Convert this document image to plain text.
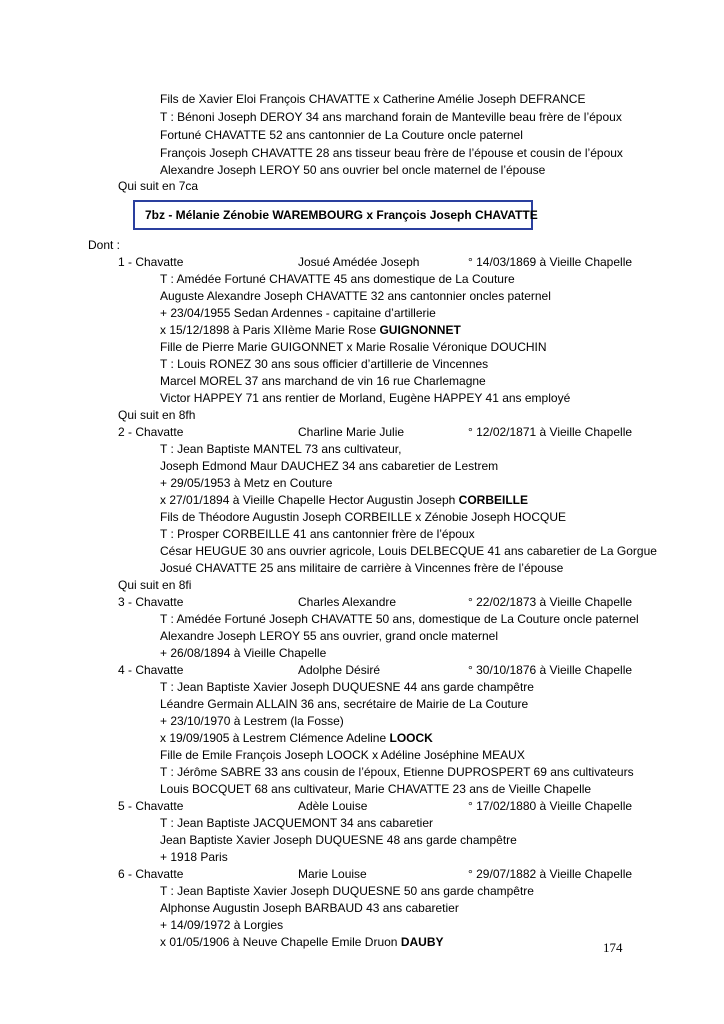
Fils de Xavier Eloi François CHAVATTE x Catherine Amélie Joseph DEFRANCE
T : Bénoni Joseph DEROY 34 ans marchand forain de Manteville beau frère de l’époux
Fortuné CHAVATTE 52 ans cantonnier de La Couture oncle paternel
François Joseph CHAVATTE 28 ans tisseur beau frère de l’épouse et cousin de l’époux
Alexandre Joseph LEROY 50 ans ouvrier bel oncle maternel de l’épouse
Qui suit en 7ca
7bz - Mélanie Zénobie WAREMBOURG x François Joseph CHAVATTE
Dont :
1 - Chavatte	Josué Amédée Joseph	° 14/03/1869 à Vieille Chapelle
T : Amédée Fortuné CHAVATTE 45 ans domestique de La Couture
Auguste Alexandre Joseph CHAVATTE 32 ans cantonnier oncles paternel
+ 23/04/1955 Sedan Ardennes - capitaine d’artillerie
x 15/12/1898 à Paris XIIème Marie Rose GUIGNONNET
Fille de Pierre Marie GUIGONNET x Marie Rosalie Véronique DOUCHIN
T : Louis RONEZ 30 ans sous officier d’artillerie de Vincennes
Marcel MOREL 37 ans marchand de vin 16 rue Charlemagne
Victor HAPPEY 71 ans rentier de Morland, Eugène HAPPEY 41 ans employé
Qui suit en 8fh
2 - Chavatte	Charline Marie Julie	° 12/02/1871 à Vieille Chapelle
T : Jean Baptiste MANTEL 73 ans cultivateur,
Joseph Edmond Maur DAUCHEZ 34 ans cabaretier de Lestrem
+ 29/05/1953 à Metz en Couture
x 27/01/1894 à Vieille Chapelle Hector Augustin Joseph CORBEILLE
Fils de Théodore Augustin Joseph CORBEILLE x Zénobie Joseph HOCQUE
T : Prosper CORBEILLE 41 ans cantonnier frère de l’époux
César HEUGUE 30 ans ouvrier agricole, Louis DELBECQUE 41 ans cabaretier de La Gorgue
Josué CHAVATTE 25 ans militaire de carrière à Vincennes frère de l’épouse
Qui suit en 8fi
3 - Chavatte	Charles Alexandre	° 22/02/1873 à Vieille Chapelle
T : Amédée Fortuné Joseph CHAVATTE 50 ans, domestique de La Couture oncle paternel
Alexandre Joseph LEROY 55 ans ouvrier, grand oncle maternel
+ 26/08/1894 à Vieille Chapelle
4 - Chavatte	Adolphe Désiré	° 30/10/1876 à Vieille Chapelle
T : Jean Baptiste Xavier Joseph DUQUESNE 44 ans garde champêtre
Léandre Germain ALLAIN 36 ans, secrétaire de Mairie de La Couture
+ 23/10/1970 à Lestrem (la Fosse)
x 19/09/1905 à Lestrem Clémence Adeline LOOCK
Fille de Emile François Joseph LOOCK x Adéline Joséphine MEAUX
T : Jérôme SABRE 33 ans cousin de l’époux, Etienne DUPROSPERT 69 ans cultivateurs
Louis BOCQUET 68 ans cultivateur, Marie CHAVATTE 23 ans de Vieille Chapelle
5 - Chavatte	Adèle Louise	° 17/02/1880 à Vieille Chapelle
T : Jean Baptiste JACQUEMONT 34 ans cabaretier
Jean Baptiste Xavier Joseph DUQUESNE 48 ans garde champêtre
+ 1918 Paris
6 - Chavatte	Marie Louise	° 29/07/1882 à Vieille Chapelle
T : Jean Baptiste Xavier Joseph DUQUESNE 50 ans garde champêtre
Alphonse Augustin Joseph BARBAUD 43 ans cabaretier
+ 14/09/1972 à Lorgies
x 01/05/1906 à Neuve Chapelle Emile Druon DAUBY	174
